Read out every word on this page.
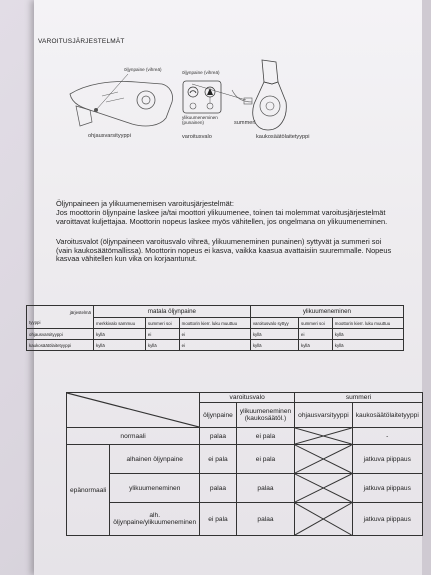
VAROITUSJÄRJESTELMÄT
öljynpaine (vihreä)
ohjausvarsityyppi
öljynpaine (vihreä)
ylikuumeneminen (punainen)
varoitusvalo
summeri
kaukosäätölaitetyyppi
Öljynpaineen ja ylikuumenemisen varoitusjärjestelmät:
Jos moottorin öljynpaine laskee ja/tai moottori ylikuumenee, toinen tai molemmat varoitusjärjestelmät varoittavat kuljettajaa. Moottorin nopeus laskee myös vähitellen, jos ongelmana on ylikuumeneminen.
Varoitusvalot (öljynpaineen varoitusvalo vihreä, ylikuumeneminen punainen) syttyvät ja summeri soi (vain kaukosäätömallissa). Moottorin nopeus ei kasva, vaikka kaasua avattaisiin suuremmalle. Nopeus kasvaa vähitellen kun vika on korjaantunut.
järjestelmä
tyyppi	matala öljynpaine			ylikuumeneminen		
	merkkivalo sammuu	summeri soi	moottorin kierr. luku muuttuu	varoitusvalo syttyy	summeri soi	moottorin kierr. luku muuttuu
ohjausvarsityyppi	kyllä	ei	ei	kyllä	ei	kyllä
kaukosäätölaitetyyppi	kyllä	kyllä	ei	kyllä	kyllä	kyllä
	varoitusvalo		summeri	
		öljynpaine	ylikuumeneminen (kaukosäätöl.)	ohjausvarsityyppi	kaukosäätölaitetyyppi
normaali		palaa	ei pala		-
epänormaali	alhainen öljynpaine	ei pala	ei pala		jatkuva piippaus
	ylikuumeneminen	palaa	palaa		jatkuva piippaus
	alh. öljynpaine/ylikuumeneminen	ei pala	palaa		jatkuva piippaus
